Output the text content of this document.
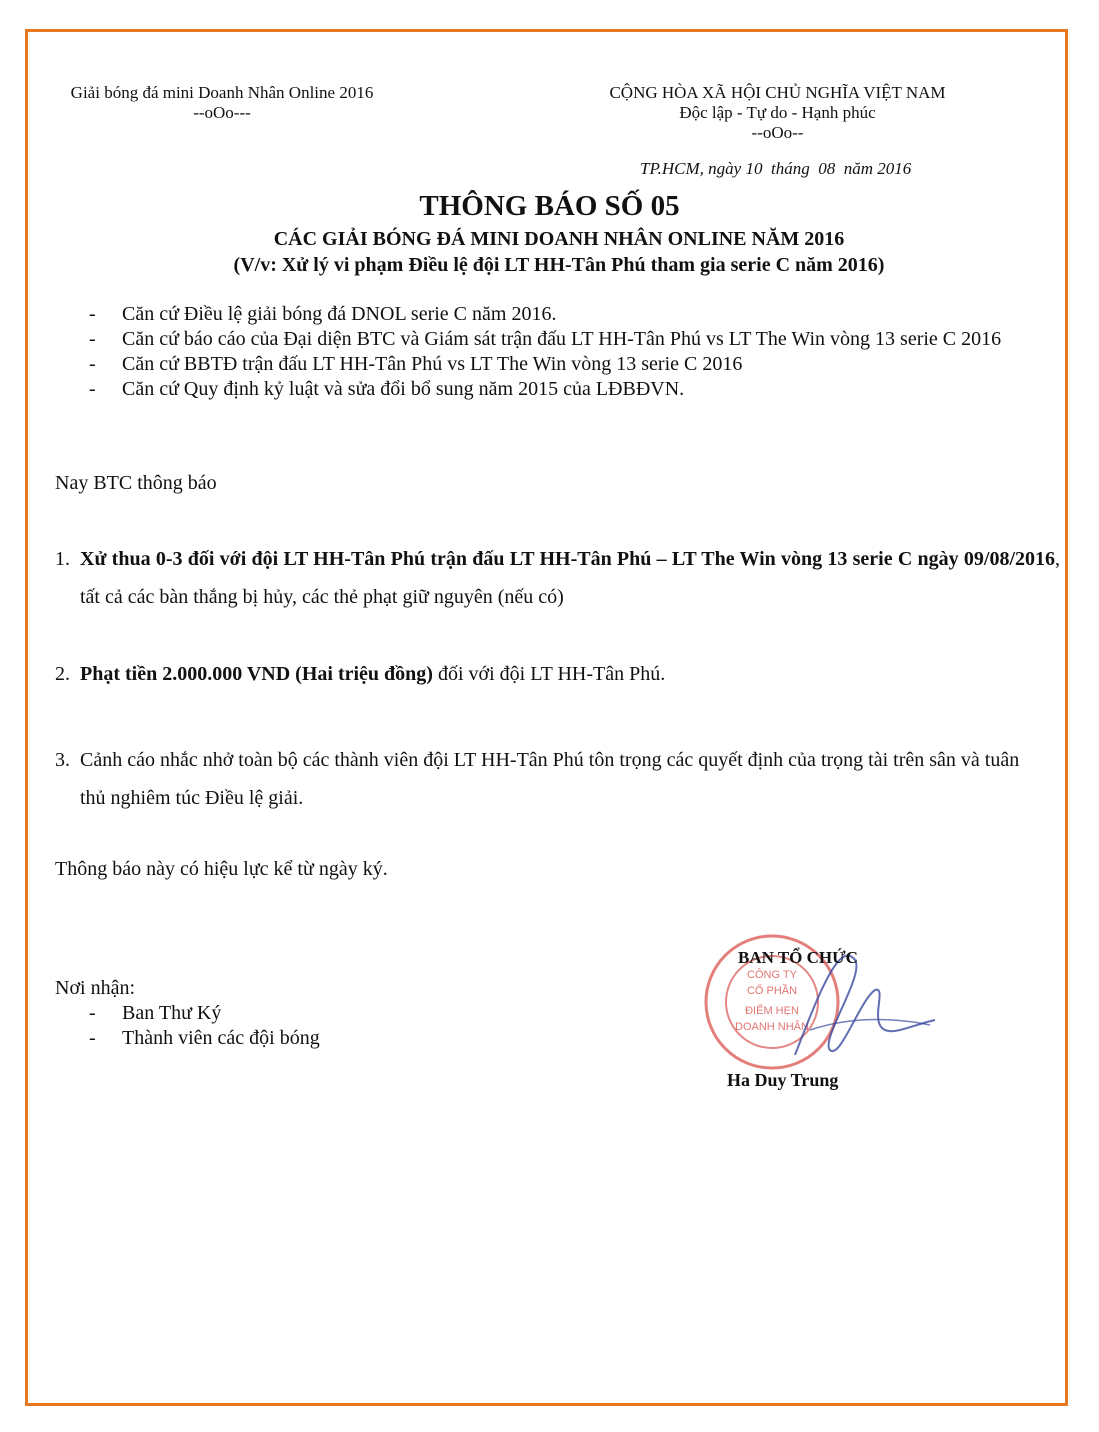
Giải bóng đá mini Doanh Nhân Online 2016
--oOo---
CỘNG HÒA XÃ HỘI CHỦ NGHĨA VIỆT NAM
Độc lập - Tự do - Hạnh phúc
--oOo--
TP.HCM, ngày 10  tháng  08  năm 2016
THÔNG BÁO SỐ 05
CÁC GIẢI BÓNG ĐÁ MINI DOANH NHÂN ONLINE NĂM 2016
(V/v: Xử lý vi phạm Điều lệ đội LT HH-Tân Phú tham gia serie C năm 2016)
- Căn cứ Điều lệ giải bóng đá DNOL serie C năm 2016.
- Căn cứ báo cáo của Đại diện BTC và Giám sát trận đấu LT HH-Tân Phú vs LT The Win vòng 13 serie C 2016
- Căn cứ BBTĐ trận đấu LT HH-Tân Phú vs LT The Win vòng 13 serie C 2016
- Căn cứ Quy định kỷ luật và sửa đổi bổ sung năm 2015 của LĐBĐVN.
Nay BTC thông báo
1. Xử thua 0-3 đối với đội LT HH-Tân Phú trận đấu LT HH-Tân Phú – LT The Win vòng 13 serie C ngày 09/08/2016, tất cả các bàn thắng bị hủy, các thẻ phạt giữ nguyên (nếu có)
2. Phạt tiền 2.000.000 VND (Hai triệu đồng) đối với đội LT HH-Tân Phú.
3. Cảnh cáo nhắc nhở toàn bộ các thành viên đội LT HH-Tân Phú tôn trọng các quyết định của trọng tài trên sân và tuân thủ nghiêm túc Điều lệ giải.
Thông báo này có hiệu lực kể từ ngày ký.
Nơi nhận:
- Ban Thư Ký
- Thành viên các đội bóng
CÔNG TY
CỔ PHẦN
ĐIỂM HẸN
DOANH NHÂN
BAN TỔ CHỨC
Ha Duy Trung
